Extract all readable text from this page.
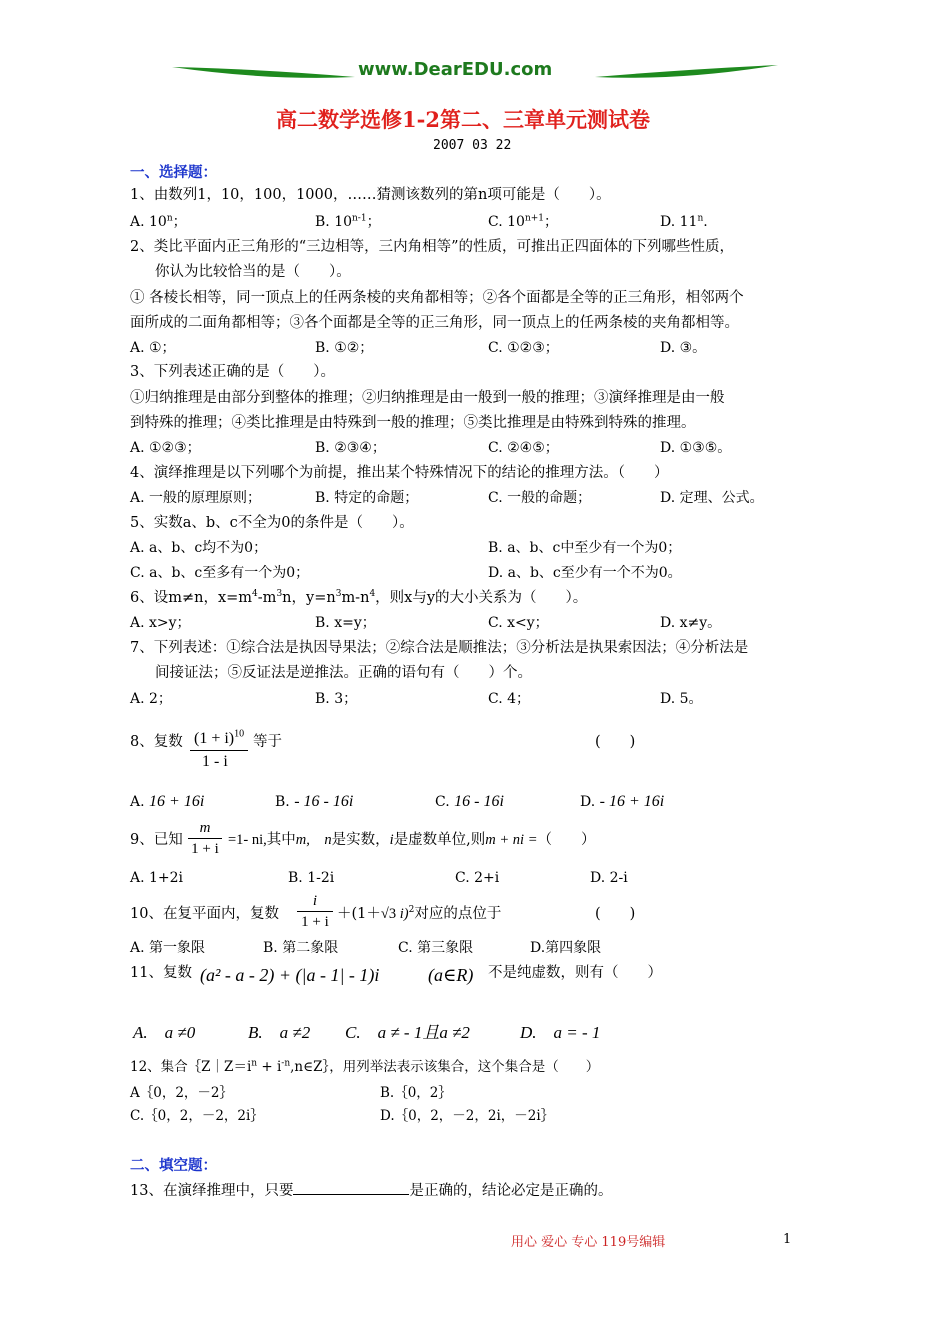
www.DearEDU.com
高二数学选修1-2第二、三章单元测试卷
2007 03 22
一、选择题：
1、由数列1，10，100，1000，……猜测该数列的第n项可能是（　　）。
A. 10$^n$；	B. 10$^{n-1}$；	C. $10^{n+1}$；	D. 11$^n$.
2、类比平面内正三角形的“三边相等，三内角相等”的性质，可推出正四面体的下列哪些性质，
你认为比较恰当的是（　　）。
① 各棱长相等，同一顶点上的任两条棱的夹角都相等；②各个面都是全等的正三角形，相邻两个
面所成的二面角都相等；③各个面都是全等的正三角形，同一顶点上的任两条棱的夹角都相等。
A. ①；	B. ①②；	C. ①②③；	D. ③。
3、下列表述正确的是（　　）。
①归纳推理是由部分到整体的推理；②归纳推理是由一般到一般的推理；③演绎推理是由一般
到特殊的推理；④类比推理是由特殊到一般的推理；⑤类比推理是由特殊到特殊的推理。
A. ①②③；	B. ②③④；	C. ②④⑤；	D. ①③⑤。
4、演绎推理是以下列哪个为前提，推出某个特殊情况下的结论的推理方法。（　　）
A. 一般的原理原则；	B. 特定的命题；	C. 一般的命题；	D. 定理、公式。
5、实数a、b、c不全为0的条件是（　　）。
A. a、b、c均不为0；	B. a、b、c中至少有一个为0；
C. a、b、c至多有一个为0；	D. a、b、c至少有一个不为0。
6、设m≠n，$x=m^4-m^3n$，$y=n^3m-n^4$，则x与y的大小关系为（　　）。
A. x>y；	B. x=y；	C. x<y；	D. x≠y。
7、下列表述：①综合法是执因导果法；②综合法是顺推法；③分析法是执果索因法；④分析法是
间接证法；⑤反证法是逆推法。正确的语句有（　　）个。
A. 2；	B. 3；	C. 4；	D. 5。
8、复数 $(1 + i)^{10}$
1 - i
等于	(　　)
A. 16 + 16i	B. - 16 - 16i	C. 16 - 16i	D. - 16 + 16i
9、已知
m
1 + i
=1- ni,其中m,　n是实数，i是虚数单位,则m + ni =（　　）
A. 1+2i	B. 1-2i	C. 2+i	D. 2-i
10、在复平面内，复数
i
1 + i ＋(1＋√3 i)$^2$对应的点位于	(　　)
A. 第一象限	B. 第二象限	C. 第三象限	D.第四象限
11、复数 (a² - a - 2) + (|a - 1| - 1)i	(a∈R) 不是纯虚数，则有（　　）
A.　a ≠0	B.　a ≠2 C.　a ≠ - 1且a ≠2	D.　a = - 1
12、集合$\{Z|Z=i^n$ + $i^{-n},n\in Z\}$，用列举法表示该集合，这个集合是（　　）
A｛0，2，－2｝	B.｛0，2｝
C.｛0，2，－2，2i｝	D.｛0，2，－2，2i，－2i｝
二、填空题：
13、在演绎推理中，只要	是正确的，结论必定是正确的。
用心 爱心 专心 119号编辑	1
